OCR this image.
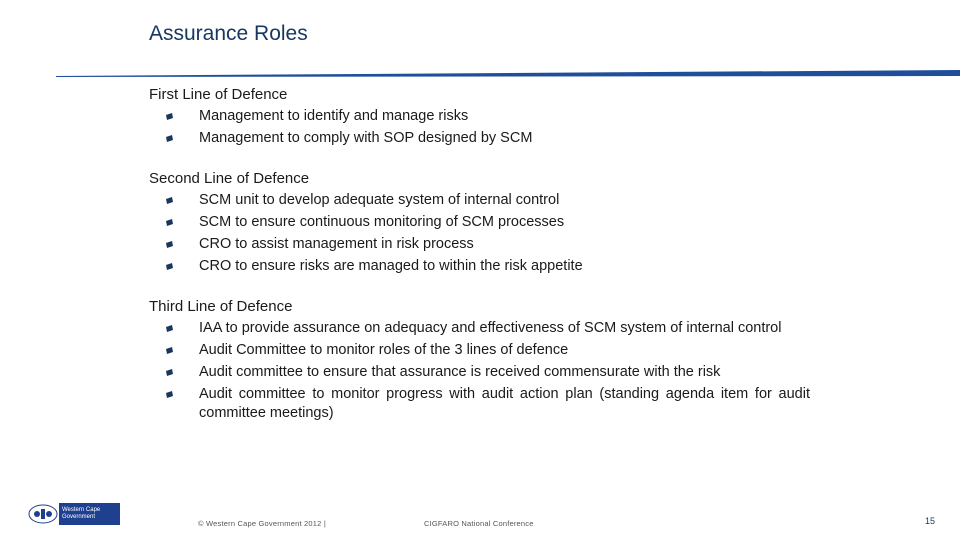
Assurance Roles
First Line of Defence
Management to identify and manage risks
Management to comply with SOP designed by SCM
Second Line of Defence
SCM unit to develop adequate system of internal control
SCM to ensure continuous monitoring of SCM processes
CRO to assist management in risk process
CRO to ensure risks are managed to within the risk appetite
Third Line of Defence
IAA to provide assurance on adequacy and effectiveness of SCM system of internal control
Audit Committee to monitor roles of the 3 lines of defence
Audit committee to ensure that assurance is received commensurate with the risk
Audit committee to monitor progress with audit action plan (standing agenda item for audit committee meetings)
Western Cape
Government
© Western Cape Government 2012 |	CIGFARO National Conference	15
